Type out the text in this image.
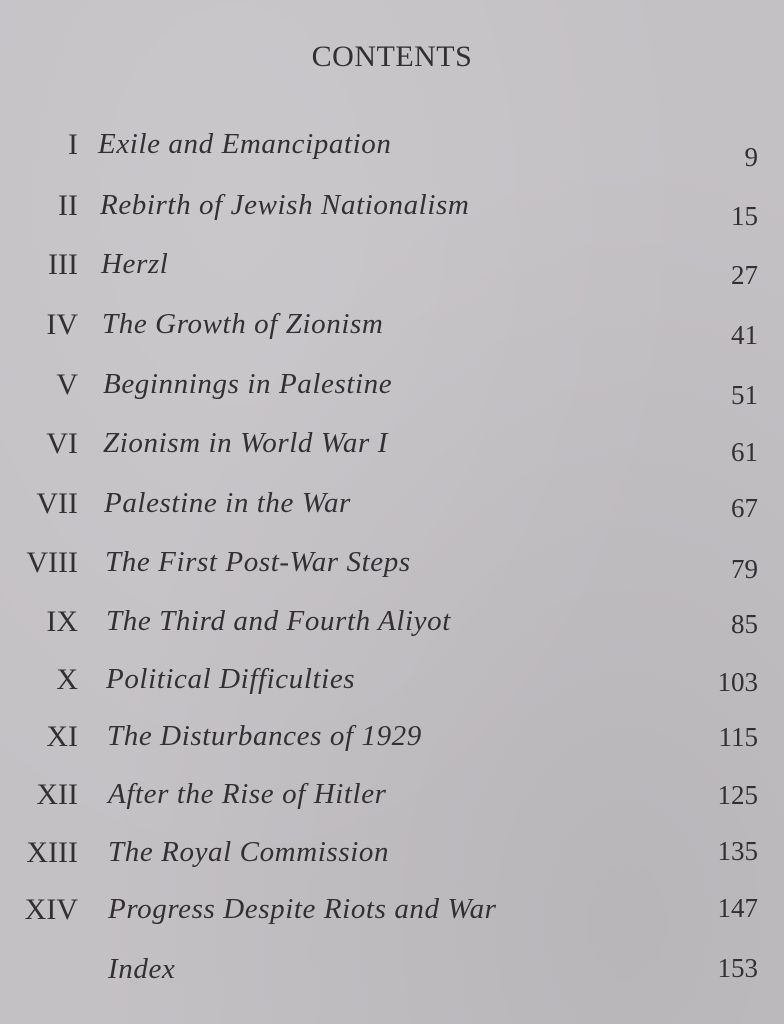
CONTENTS
I Exile and Emancipation	9
II Rebirth of Jewish Nationalism	15
III Herzl	27
IV The Growth of Zionism	41
V Beginnings in Palestine	51
VI Zionism in World War I	61
VII Palestine in the War	67
VIII The First Post-War Steps	79
IX The Third and Fourth Aliyot	85
X Political Difficulties	103
XI The Disturbances of 1929	115
XII After the Rise of Hitler	125
XIII The Royal Commission	135
XIV Progress Despite Riots and War	147
Index	153
